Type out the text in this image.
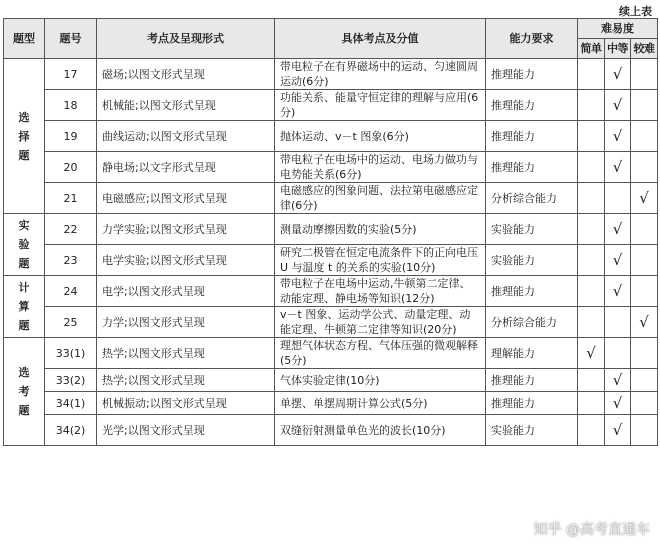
续上表
题型	题号	考点及呈现形式	具体考点及分值	能力要求	难易度		
					简单	中等	较难
选择题	17	磁场;以图文形式呈现	带电粒子在有界磁场中的运动、匀速圆周运动(6分)	推理能力		√	
	18	机械能;以图文形式呈现	功能关系、能量守恒定律的理解与应用(6分)	推理能力		√	
	19	曲线运动;以图文形式呈现	抛体运动、v－t 图象(6分)	推理能力		√	
	20	静电场;以文字形式呈现	带电粒子在电场中的运动、电场力做功与电势能关系(6分)	推理能力		√	
	21	电磁感应;以图文形式呈现	电磁感应的图象问题、法拉第电磁感应定律(6分)	分析综合能力			√
实验题	22	力学实验;以图文形式呈现	测量动摩擦因数的实验(5分)	实验能力		√	
	23	电学实验;以图文形式呈现	研究二极管在恒定电流条件下的正向电压 U 与温度 t 的关系的实验(10分)	实验能力		√	
计算题	24	电学;以图文形式呈现	带电粒子在电场中运动,牛顿第二定律、动能定理、静电场等知识(12分)	推理能力		√	
	25	力学;以图文形式呈现	v－t 图象、运动学公式、动量定理、动能定理、牛顿第二定律等知识(20分)	分析综合能力			√
选考题	33(1)	热学;以图文形式呈现	理想气体状态方程、气体压强的微观解释(5分)	理解能力	√		
	33(2)	热学;以图文形式呈现	气体实验定律(10分)	推理能力		√	
	34(1)	机械振动;以图文形式呈现	单摆、单摆周期计算公式(5分)	推理能力		√	
	34(2)	光学;以图文形式呈现	双缝衍射测量单色光的波长(10分)	实验能力		√	
知乎 @高考直通车
